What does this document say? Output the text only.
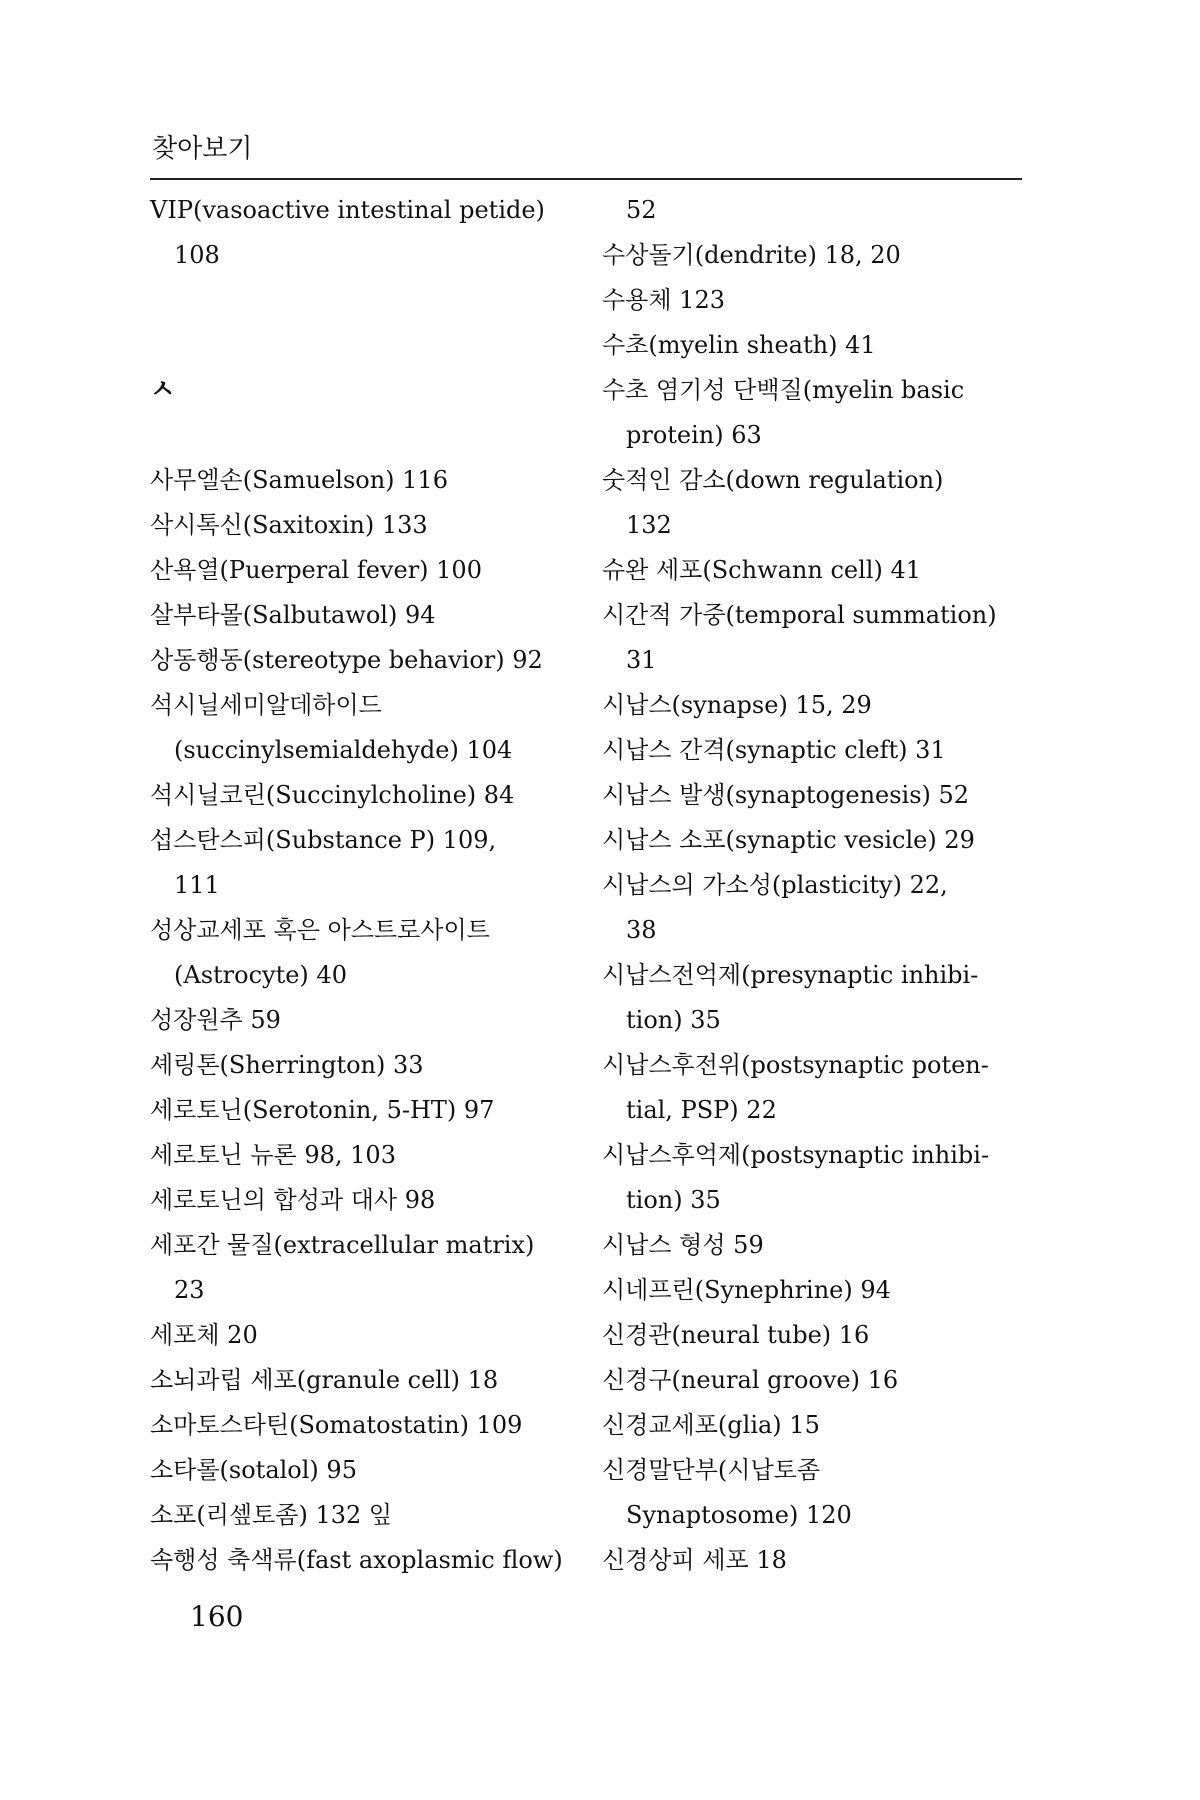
찾아보기
VIP(vasoactive intestinal petide)
108
ㅅ
사무엘손(Samuelson) 116
삭시톡신(Saxitoxin) 133
산욕열(Puerperal fever) 100
살부타몰(Salbutawol) 94
상동행동(stereotype behavior) 92
석시닐세미알데하이드
(succinylsemialdehyde) 104
석시닐코린(Succinylcholine) 84
섭스탄스피(Substance P) 109,
111
성상교세포 혹은 아스트로사이트
(Astrocyte) 40
성장원추 59
셰링톤(Sherrington) 33
세로토닌(Serotonin, 5-HT) 97
세로토닌 뉴론 98, 103
세로토닌의 합성과 대사 98
세포간 물질(extracellular matrix)
23
세포체 20
소뇌과립 세포(granule cell) 18
소마토스타틴(Somatostatin) 109
소타롤(sotalol) 95
소포(리셒토좀) 132 잎
속행성 축색류(fast axoplasmic flow)
52
수상돌기(dendrite) 18, 20
수용체 123
수초(myelin sheath) 41
수초 염기성 단백질(myelin basic
protein) 63
숫적인 감소(down regulation)
132
슈완 세포(Schwann cell) 41
시간적 가중(temporal summation)
31
시납스(synapse) 15, 29
시납스 간격(synaptic cleft) 31
시납스 발생(synaptogenesis) 52
시납스 소포(synaptic vesicle) 29
시납스의 가소성(plasticity) 22,
38
시납스전억제(presynaptic inhibi-
tion) 35
시납스후전위(postsynaptic poten-
tial, PSP) 22
시납스후억제(postsynaptic inhibi-
tion) 35
시납스 형성 59
시네프린(Synephrine) 94
신경관(neural tube) 16
신경구(neural groove) 16
신경교세포(glia) 15
신경말단부(시납토좀
Synaptosome) 120
신경상피 세포 18
160
